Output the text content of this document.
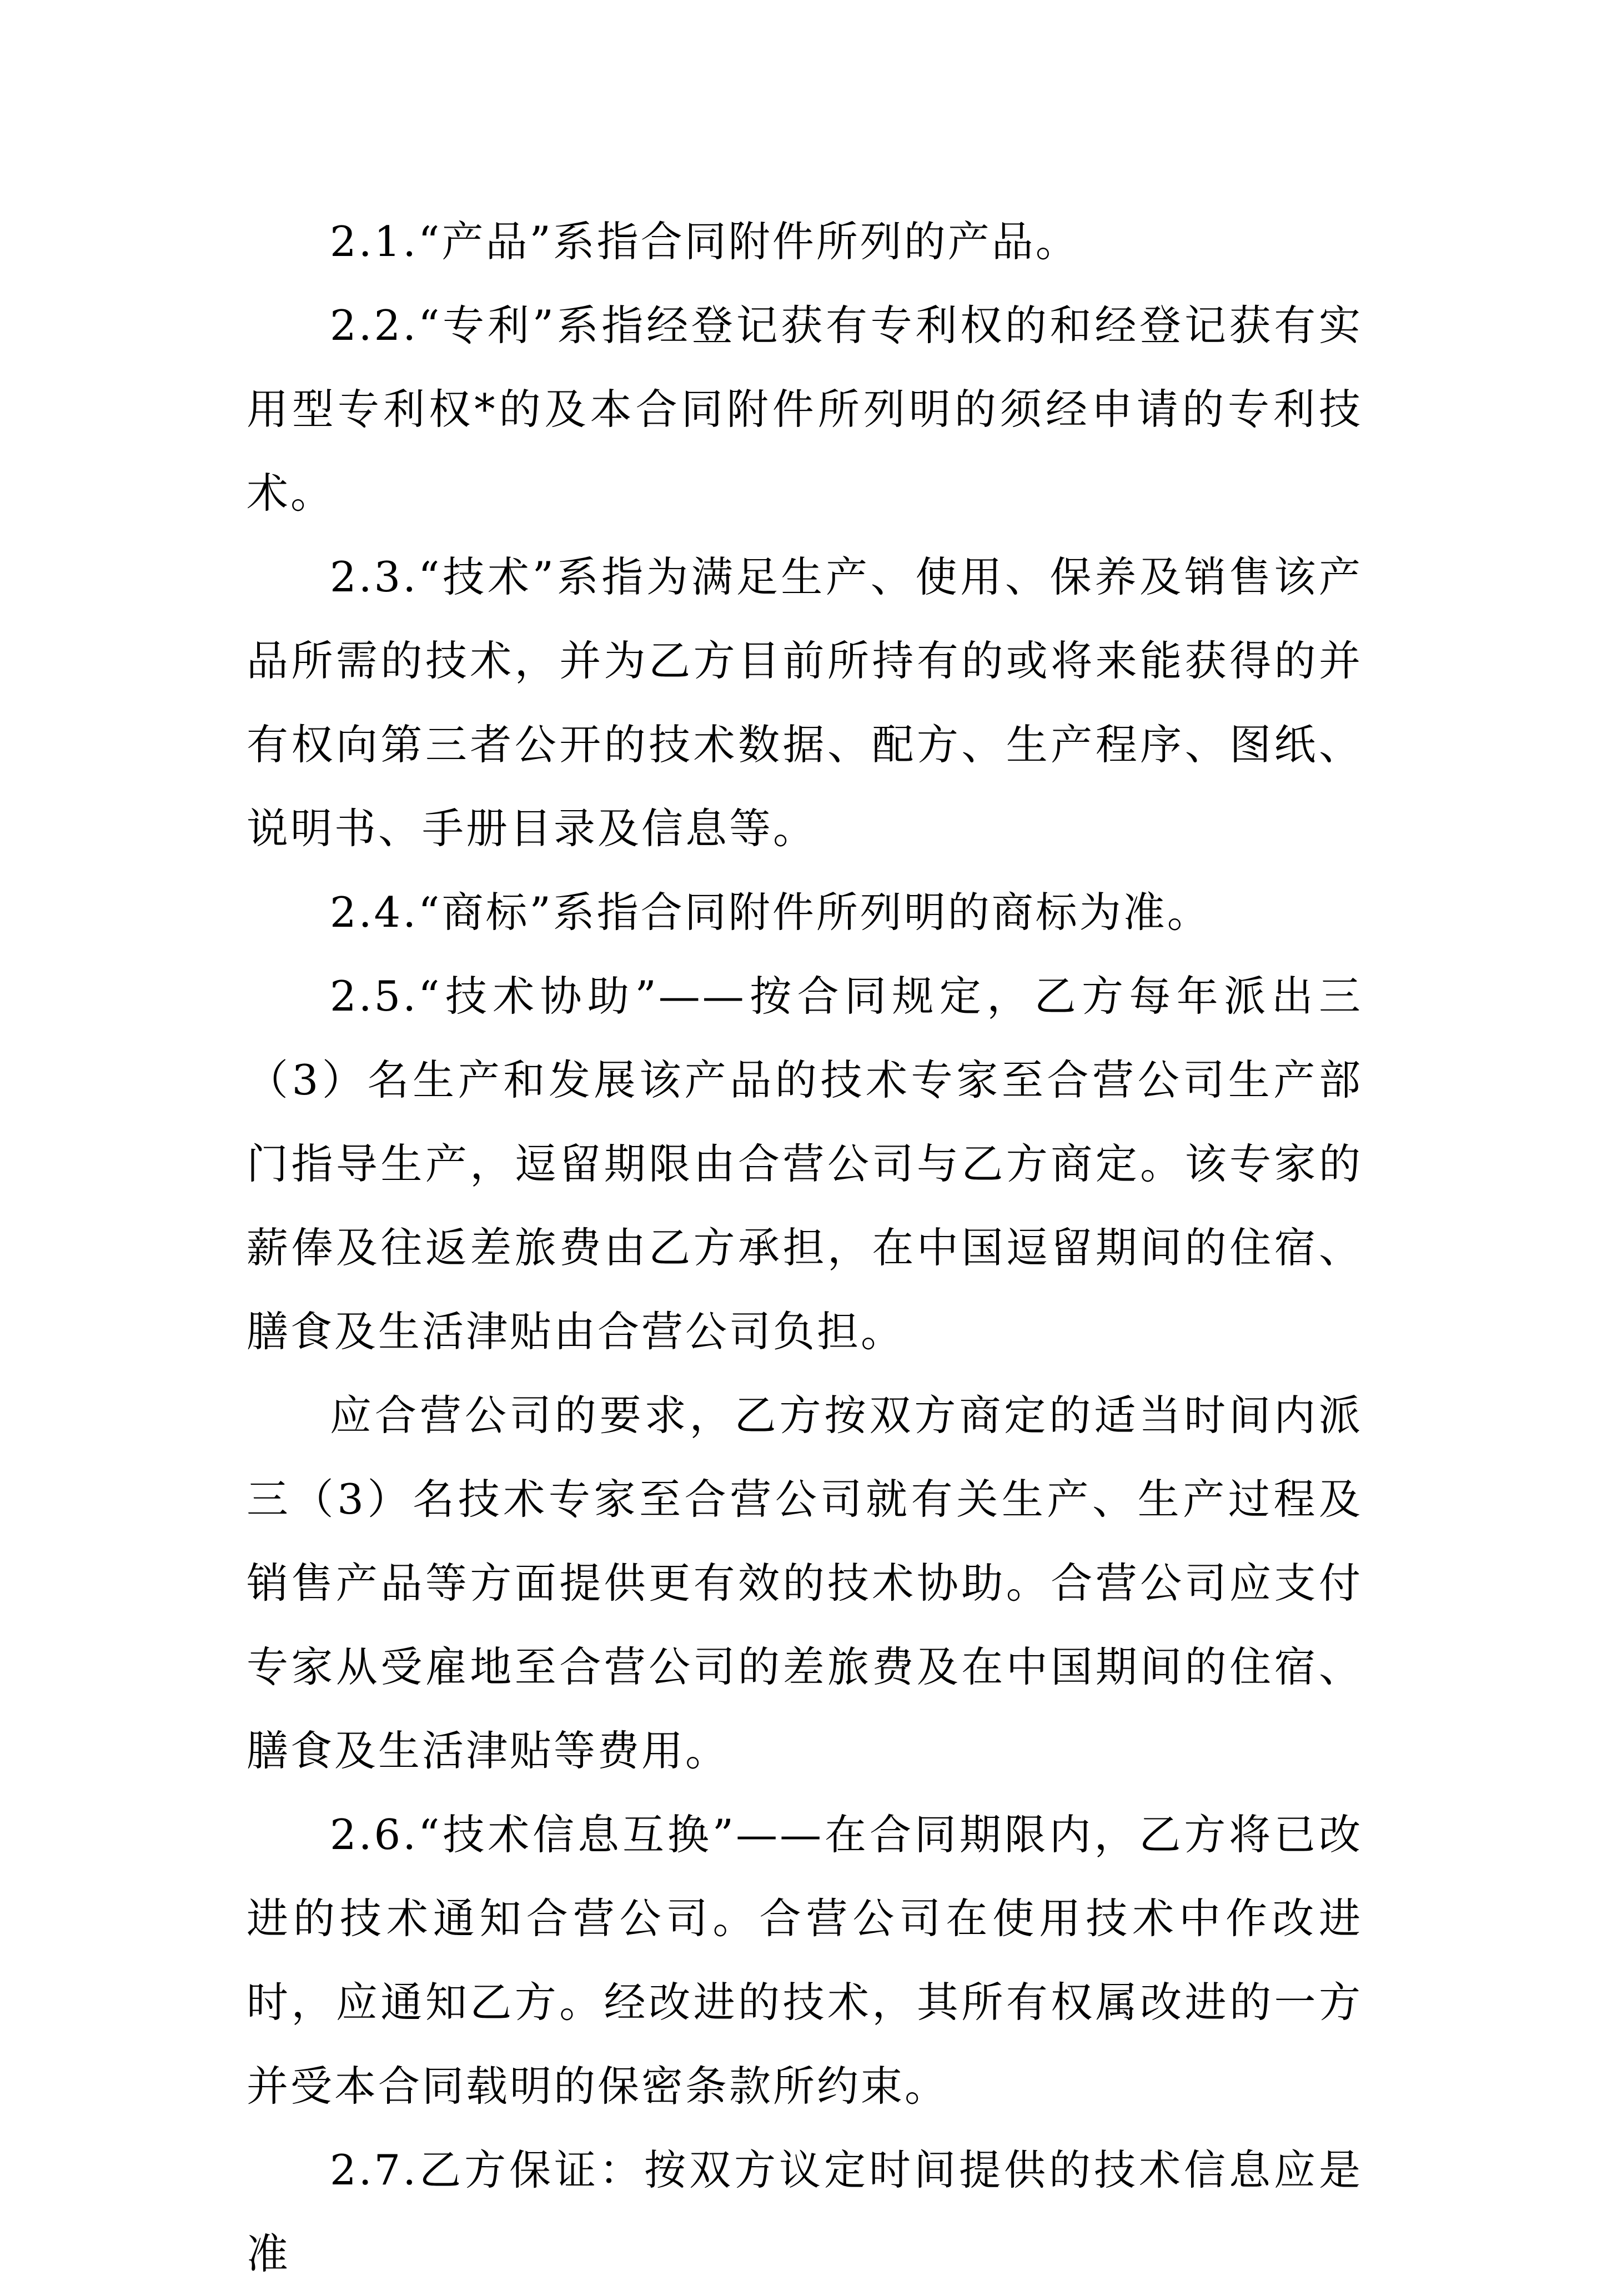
2.1.“产品”系指合同附件所列的产品。

2.2.“专利”系指经登记获有专利权的和经登记获有实用型专利权*的及本合同附件所列明的须经申请的专利技术。

2.3.“技术”系指为满足生产、使用、保养及销售该产品所需的技术，并为乙方目前所持有的或将来能获得的并有权向第三者公开的技术数据、配方、生产程序、图纸、说明书、手册目录及信息等。

2.4.“商标”系指合同附件所列明的商标为准。

2.5.“技术协助”——按合同规定，乙方每年派出三（3）名生产和发展该产品的技术专家至合营公司生产部门指导生产，逗留期限由合营公司与乙方商定。该专家的薪俸及往返差旅费由乙方承担，在中国逗留期间的住宿、膳食及生活津贴由合营公司负担。

应合营公司的要求，乙方按双方商定的适当时间内派三（3）名技术专家至合营公司就有关生产、生产过程及销售产品等方面提供更有效的技术协助。合营公司应支付专家从受雇地至合营公司的差旅费及在中国期间的住宿、膳食及生活津贴等费用。

2.6.“技术信息互换”——在合同期限内，乙方将已改进的技术通知合营公司。合营公司在使用技术中作改进时，应通知乙方。经改进的技术，其所有权属改进的一方并受本合同载明的保密条款所约束。

2.7.乙方保证：按双方议定时间提供的技术信息应是准
